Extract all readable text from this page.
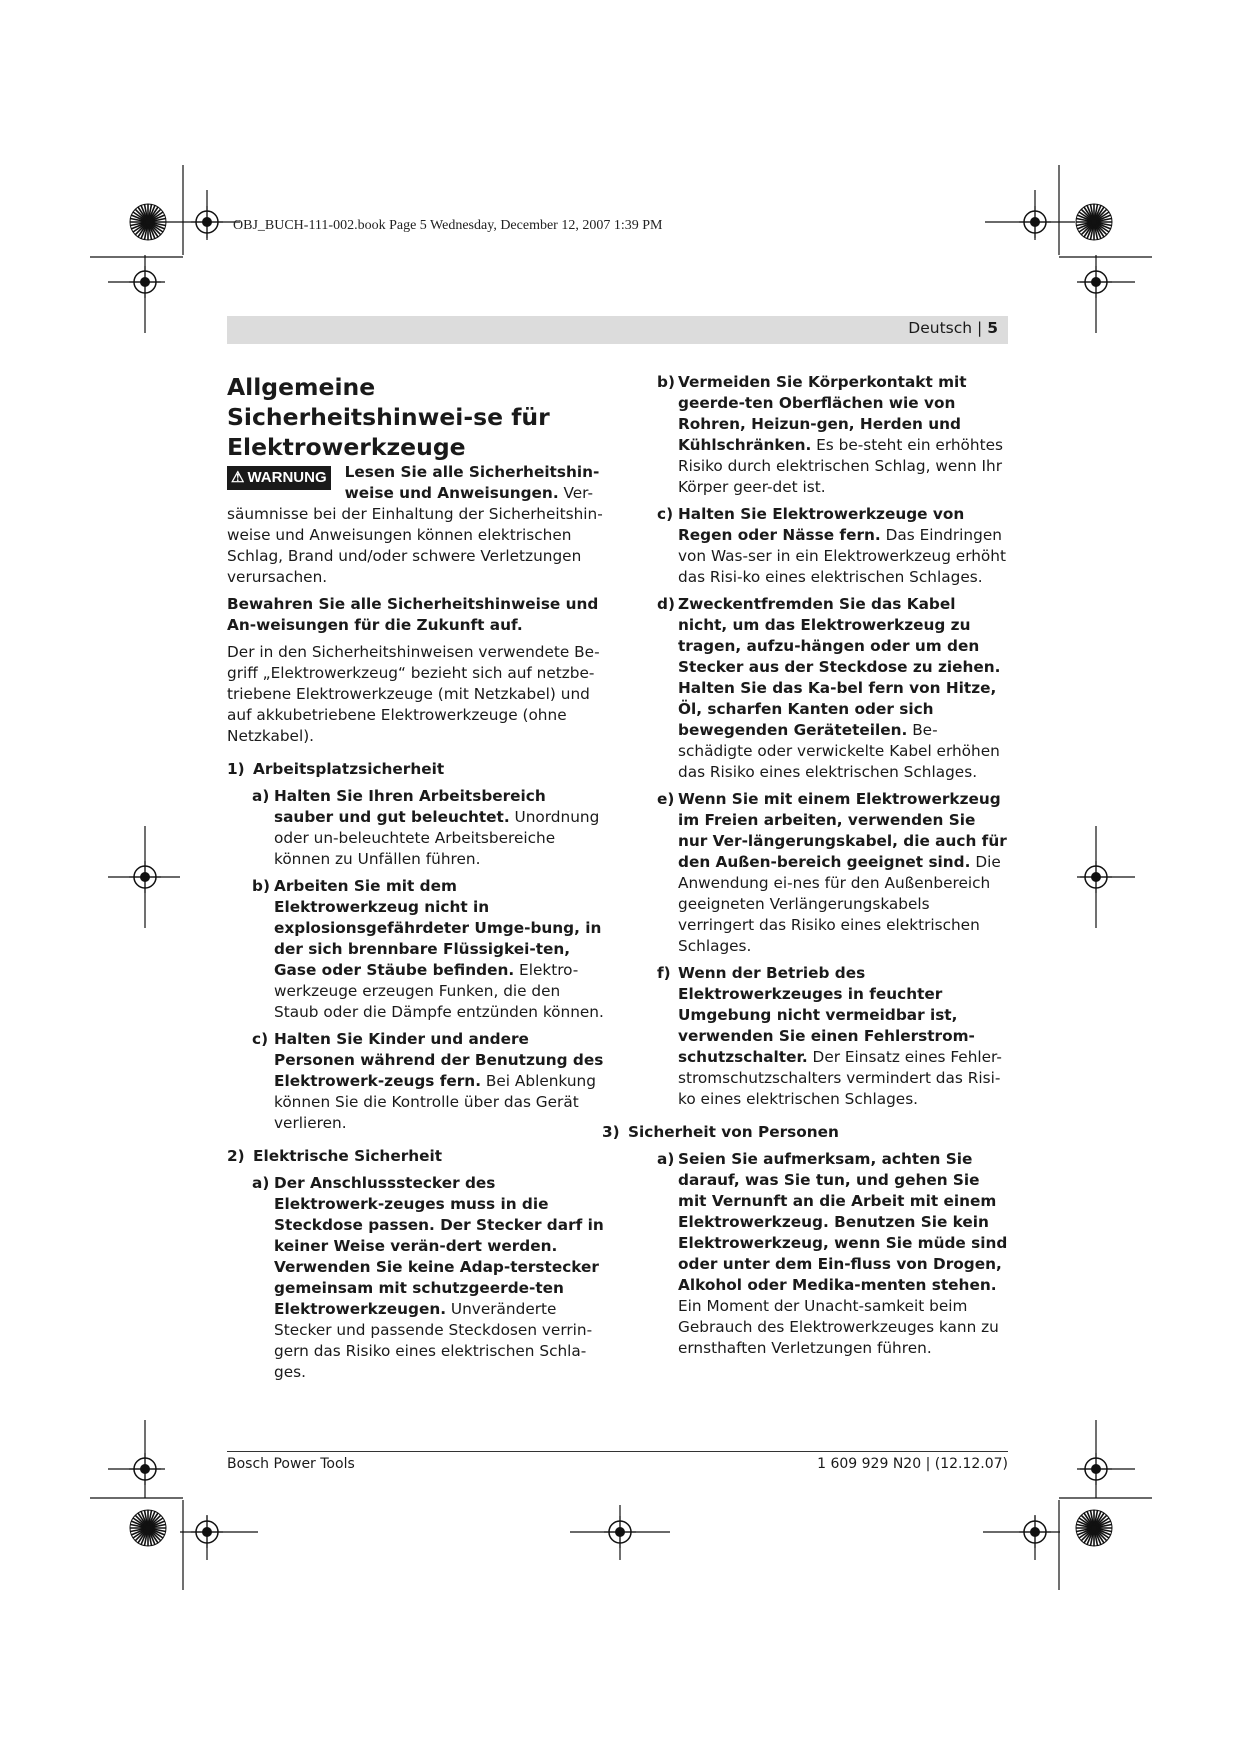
OBJ_BUCH-111-002.book Page 5 Wednesday, December 12, 2007 1:39 PM
Deutsch | 5

Allgemeine Sicherheitshinwei-se für Elektrowerkzeuge

⚠ WARNUNG	Lesen Sie alle Sicherheitshin-weise und Anweisungen. Ver-säumnisse bei der Einhaltung der Sicherheitshin-weise und Anweisungen können elektrischen Schlag, Brand und/oder schwere Verletzungen verursachen.

Bewahren Sie alle Sicherheitshinweise und An-weisungen für die Zukunft auf.

Der in den Sicherheitshinweisen verwendete Be-griff „Elektrowerkzeug“ bezieht sich auf netzbe-triebene Elektrowerkzeuge (mit Netzkabel) und auf akkubetriebene Elektrowerkzeuge (ohne Netzkabel).

1) Arbeitsplatzsicherheit

a) Halten Sie Ihren Arbeitsbereich sauber und gut beleuchtet. Unordnung oder un-beleuchtete Arbeitsbereiche können zu Unfällen führen.

b) Arbeiten Sie mit dem Elektrowerkzeug nicht in explosionsgefährdeter Umge-bung, in der sich brennbare Flüssigkei-ten, Gase oder Stäube befinden. Elektro-werkzeuge erzeugen Funken, die den Staub oder die Dämpfe entzünden können.

c) Halten Sie Kinder und andere Personen während der Benutzung des Elektrowerk-zeugs fern. Bei Ablenkung können Sie die Kontrolle über das Gerät verlieren.

2) Elektrische Sicherheit

a) Der Anschlussstecker des Elektrowerk-zeuges muss in die Steckdose passen. Der Stecker darf in keiner Weise verän-dert werden. Verwenden Sie keine Adap-terstecker gemeinsam mit schutzgeerde-ten Elektrowerkzeugen. Unveränderte Stecker und passende Steckdosen verrin-gern das Risiko eines elektrischen Schla-ges.

b) Vermeiden Sie Körperkontakt mit geerde-ten Oberflächen wie von Rohren, Heizun-gen, Herden und Kühlschränken. Es be-steht ein erhöhtes Risiko durch elektrischen Schlag, wenn Ihr Körper geer-det ist.

c) Halten Sie Elektrowerkzeuge von Regen oder Nässe fern. Das Eindringen von Was-ser in ein Elektrowerkzeug erhöht das Risi-ko eines elektrischen Schlages.

d) Zweckentfremden Sie das Kabel nicht, um das Elektrowerkzeug zu tragen, aufzu-hängen oder um den Stecker aus der Steckdose zu ziehen. Halten Sie das Ka-bel fern von Hitze, Öl, scharfen Kanten oder sich bewegenden Geräteteilen. Be-schädigte oder verwickelte Kabel erhöhen das Risiko eines elektrischen Schlages.

e) Wenn Sie mit einem Elektrowerkzeug im Freien arbeiten, verwenden Sie nur Ver-längerungskabel, die auch für den Außen-bereich geeignet sind. Die Anwendung ei-nes für den Außenbereich geeigneten Verlängerungskabels verringert das Risiko eines elektrischen Schlages.

f) Wenn der Betrieb des Elektrowerkzeuges in feuchter Umgebung nicht vermeidbar ist, verwenden Sie einen Fehlerstrom-schutzschalter. Der Einsatz eines Fehler-stromschutzschalters vermindert das Risi-ko eines elektrischen Schlages.

3) Sicherheit von Personen

a) Seien Sie aufmerksam, achten Sie darauf, was Sie tun, und gehen Sie mit Vernunft an die Arbeit mit einem Elektrowerkzeug. Benutzen Sie kein Elektrowerkzeug, wenn Sie müde sind oder unter dem Ein-fluss von Drogen, Alkohol oder Medika-menten stehen. Ein Moment der Unacht-samkeit beim Gebrauch des Elektrowerkzeuges kann zu ernsthaften Verletzungen führen.

Bosch Power Tools	1 609 929 N20 | (12.12.07)
